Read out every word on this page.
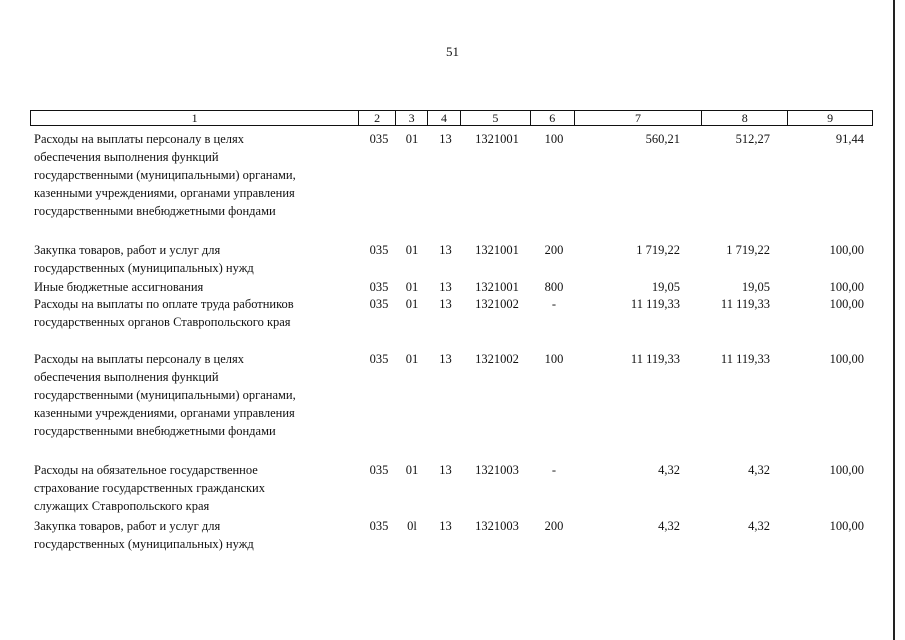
51
1	2	3	4	5	6	7	8	9
Расходы на выплаты персоналу в целях
обеспечения выполнения функций
государственными (муниципальными) органами,
казенными учреждениями, органами управления
государственными внебюджетными фондами
035	01	13	1321001	100	560,21	512,27	91,44
Закупка товаров, работ и услуг для
государственных (муниципальных) нужд
035	01	13	1321001	200	1 719,22	1 719,22	100,00
Иные бюджетные ассигнования	035	01	13	1321001	800	19,05	19,05	100,00
Расходы на выплаты по оплате труда работников
государственных органов Ставропольского края
035	01	13	1321002	-	11 119,33	11 119,33	100,00
Расходы на выплаты персоналу в целях
обеспечения выполнения функций
государственными (муниципальными) органами,
казенными учреждениями, органами управления
государственными внебюджетными фондами
035	01	13	1321002	100	11 119,33	11 119,33	100,00
Расходы на обязательное государственное
страхование государственных гражданских
служащих Ставропольского края
035	01	13	1321003	-	4,32	4,32	100,00
Закупка товаров, работ и услуг для
государственных (муниципальных) нужд
035	0l	13	1321003	200	4,32	4,32	100,00
